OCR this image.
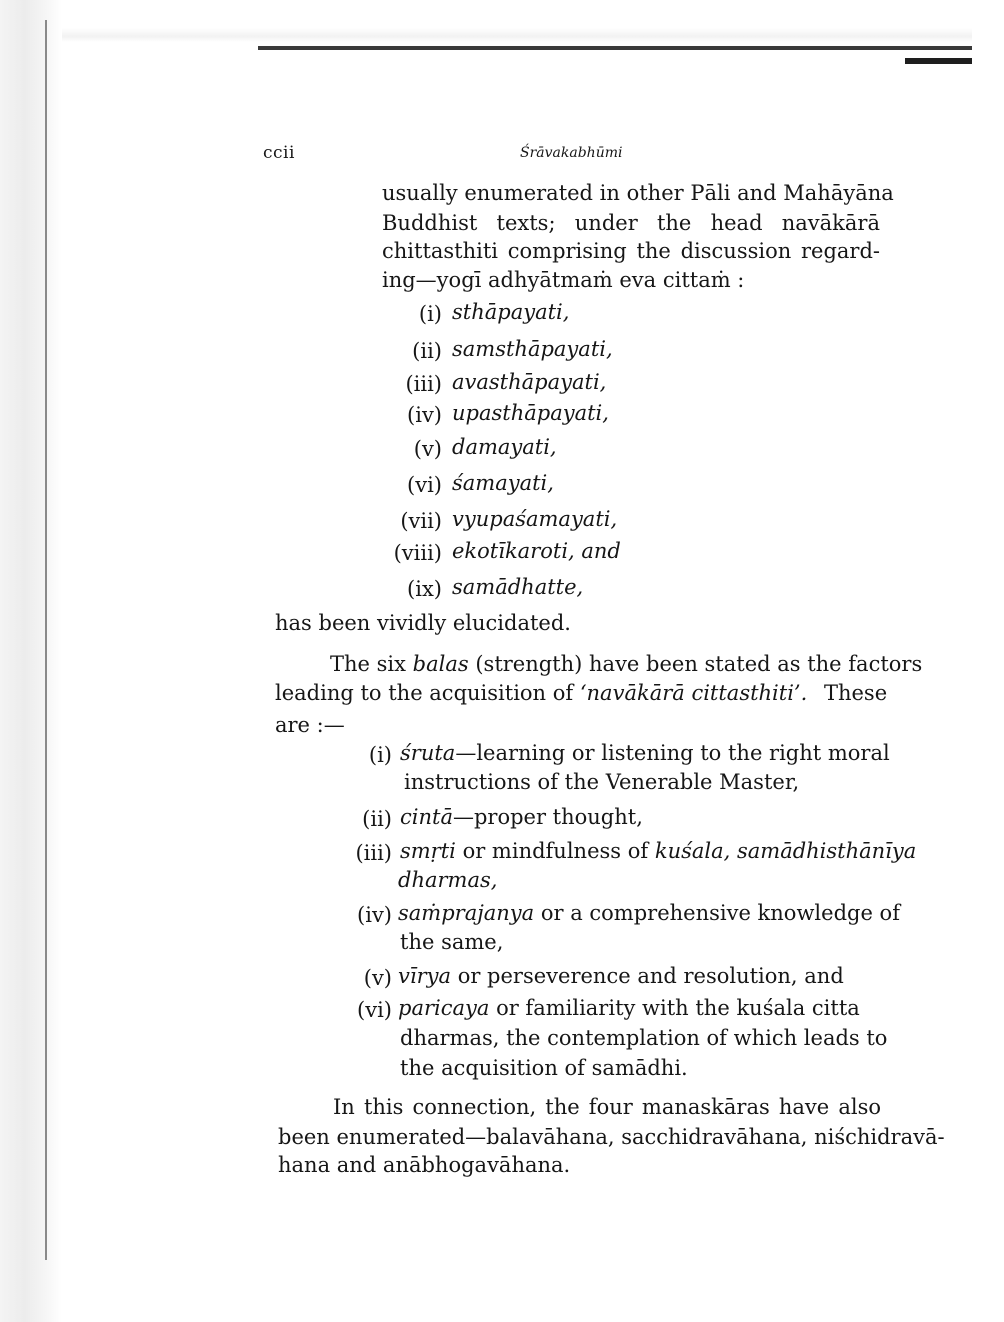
ccii	Śrāvakabhūmi
usually enumerated in other Pāli and Mahāyāna
Buddhist texts; under the head navākārā
chittasthiti comprising the discussion regard-
ing—yogī adhyātmaṁ eva cittaṁ :
(i) sthāpayati,
(ii) samsthāpayati,
(iii) avasthāpayati,
(iv) upasthāpayati,
(v) damayati,
(vi) śamayati,
(vii) vyupaśamayati,
(viii) ekotīkaroti, and
(ix) samādhatte,
has been vividly elucidated.
The six balas (strength) have been stated as the factors
leading to the acquisition of ‘navākārā cittasthiti’. These
are :—
(i) śruta—learning or listening to the right moral
instructions of the Venerable Master,
(ii) cintā—proper thought,
(iii) smṛti or mindfulness of kuśala, samādhisthānīya
dharmas,
(iv) saṁprajanya or a comprehensive knowledge of
the same,
(v) vīrya or perseverence and resolution, and
(vi) paricaya or familiarity with the kuśala citta
dharmas, the contemplation of which leads to
the acquisition of samādhi.
In this connection, the four manaskāras have also
been enumerated—balavāhana, sacchidravāhana, niśchidravā-
hana and anābhogavāhana.
